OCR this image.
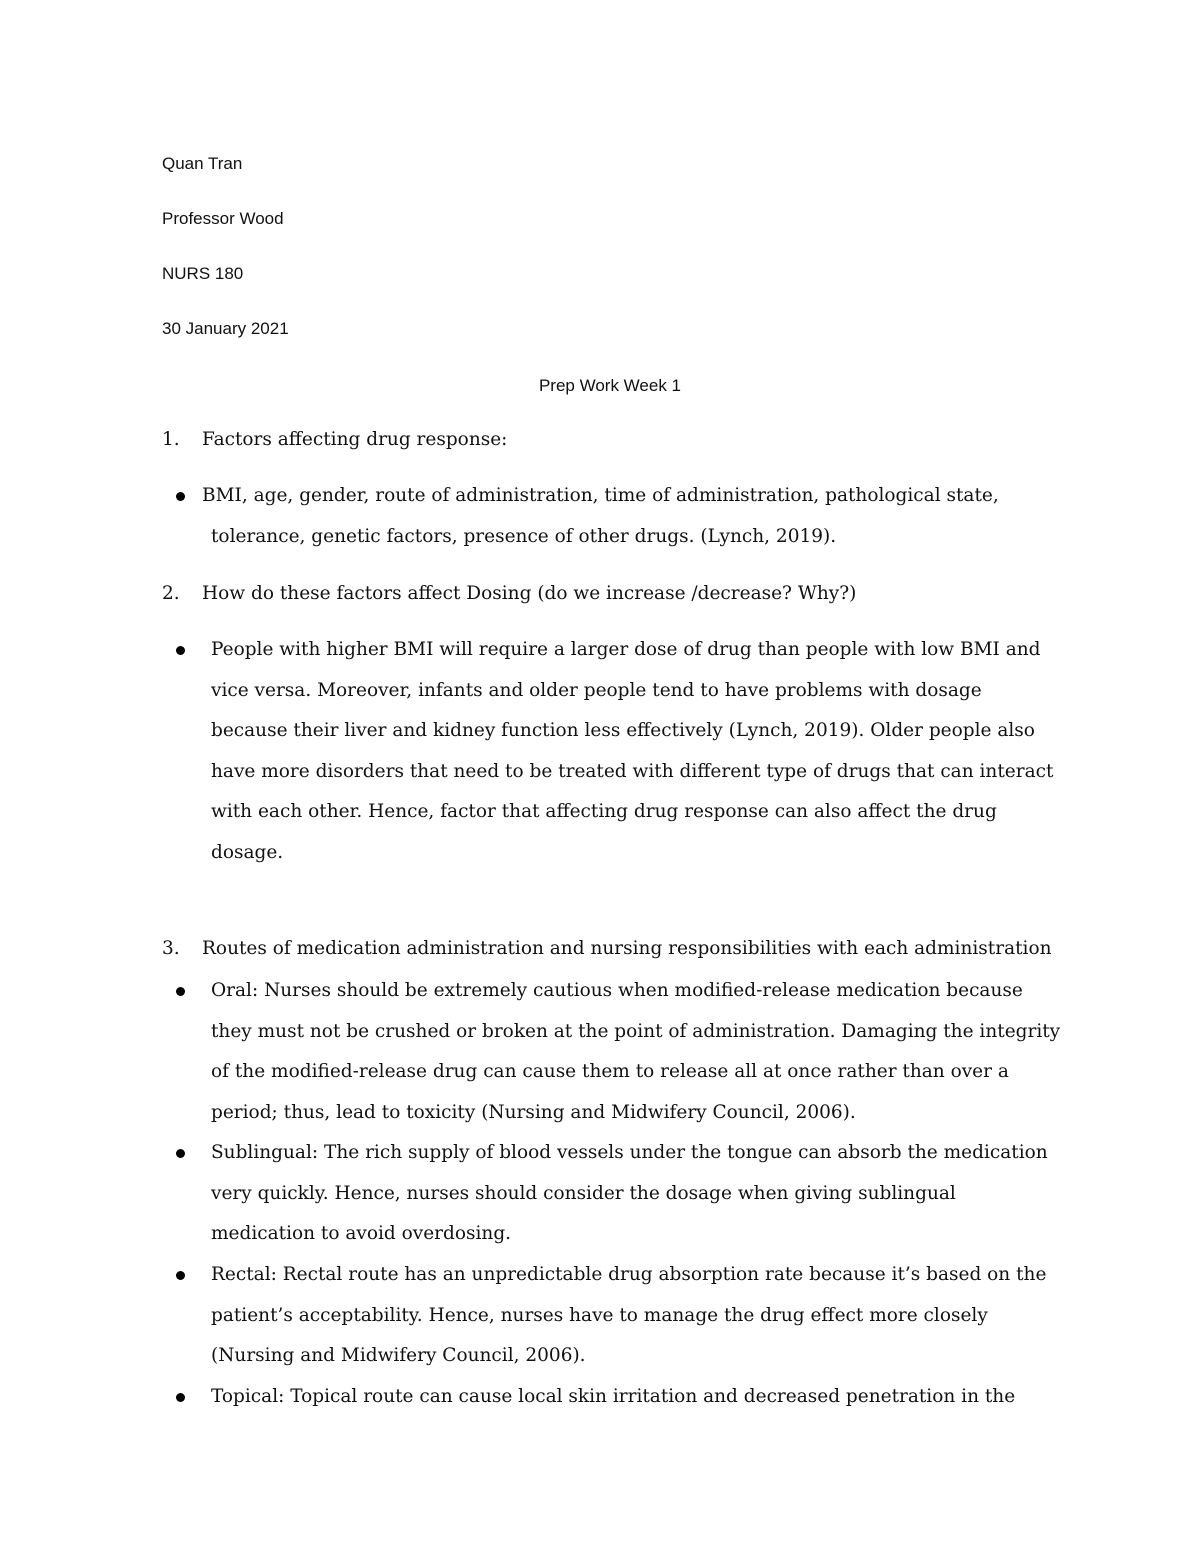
Quan Tran
Professor Wood
NURS 180
30 January 2021
Prep Work Week 1
1. Factors affecting drug response:
BMI, age, gender, route of administration, time of administration, pathological state,
tolerance, genetic factors, presence of other drugs. (Lynch, 2019).
2. How do these factors affect Dosing (do we increase /decrease? Why?)
People with higher BMI will require a larger dose of drug than people with low BMI and
vice versa. Moreover, infants and older people tend to have problems with dosage
because their liver and kidney function less effectively (Lynch, 2019). Older people also
have more disorders that need to be treated with different type of drugs that can interact
with each other. Hence, factor that affecting drug response can also affect the drug
dosage.
3. Routes of medication administration and nursing responsibilities with each administration
Oral: Nurses should be extremely cautious when modified-release medication because
they must not be crushed or broken at the point of administration. Damaging the integrity
of the modified-release drug can cause them to release all at once rather than over a
period; thus, lead to toxicity (Nursing and Midwifery Council, 2006).
Sublingual: The rich supply of blood vessels under the tongue can absorb the medication
very quickly. Hence, nurses should consider the dosage when giving sublingual
medication to avoid overdosing.
Rectal: Rectal route has an unpredictable drug absorption rate because it’s based on the
patient’s acceptability. Hence, nurses have to manage the drug effect more closely
(Nursing and Midwifery Council, 2006).
Topical: Topical route can cause local skin irritation and decreased penetration in the
